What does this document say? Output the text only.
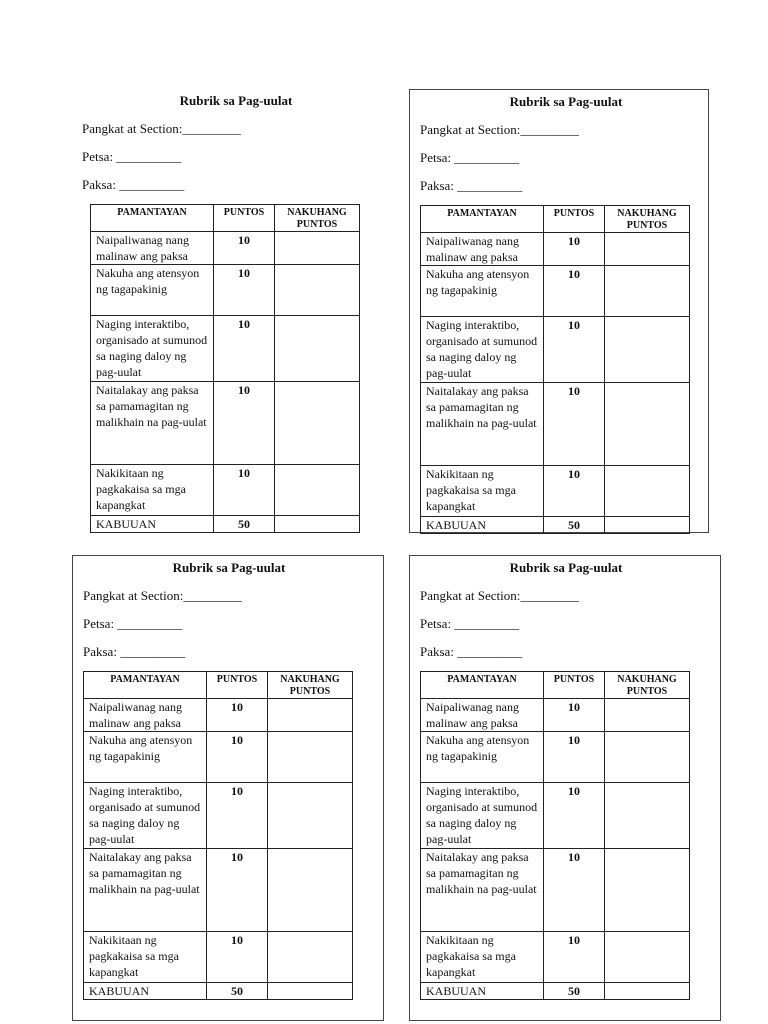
Rubrik sa Pag-uulat
Pangkat at Section:_________
Petsa: __________
Paksa: __________
PAMANTAYAN	PUNTOS	NAKUHANG PUNTOS
Naipaliwanag nang malinaw ang paksa	10	
Nakuha ang atensyon ng tagapakinig	10	
Naging interaktibo, organisado at sumunod sa naging daloy ng pag-uulat	10	
Naitalakay ang paksa sa pamamagitan ng malikhain na pag-uulat	10	
Nakikitaan ng pagkakaisa sa mga kapangkat	10	
KABUUAN	50	
Rubrik sa Pag-uulat
Pangkat at Section:_________
Petsa: __________
Paksa: __________
PAMANTAYAN	PUNTOS	NAKUHANG PUNTOS
Naipaliwanag nang malinaw ang paksa	10	
Nakuha ang atensyon ng tagapakinig	10	
Naging interaktibo, organisado at sumunod sa naging daloy ng pag-uulat	10	
Naitalakay ang paksa sa pamamagitan ng malikhain na pag-uulat	10	
Nakikitaan ng pagkakaisa sa mga kapangkat	10	
KABUUAN	50	
Rubrik sa Pag-uulat
Pangkat at Section:_________
Petsa: __________
Paksa: __________
PAMANTAYAN	PUNTOS	NAKUHANG PUNTOS
Naipaliwanag nang malinaw ang paksa	10	
Nakuha ang atensyon ng tagapakinig	10	
Naging interaktibo, organisado at sumunod sa naging daloy ng pag-uulat	10	
Naitalakay ang paksa sa pamamagitan ng malikhain na pag-uulat	10	
Nakikitaan ng pagkakaisa sa mga kapangkat	10	
KABUUAN	50	
Rubrik sa Pag-uulat
Pangkat at Section:_________
Petsa: __________
Paksa: __________
PAMANTAYAN	PUNTOS	NAKUHANG PUNTOS
Naipaliwanag nang malinaw ang paksa	10	
Nakuha ang atensyon ng tagapakinig	10	
Naging interaktibo, organisado at sumunod sa naging daloy ng pag-uulat	10	
Naitalakay ang paksa sa pamamagitan ng malikhain na pag-uulat	10	
Nakikitaan ng pagkakaisa sa mga kapangkat	10	
KABUUAN	50	
